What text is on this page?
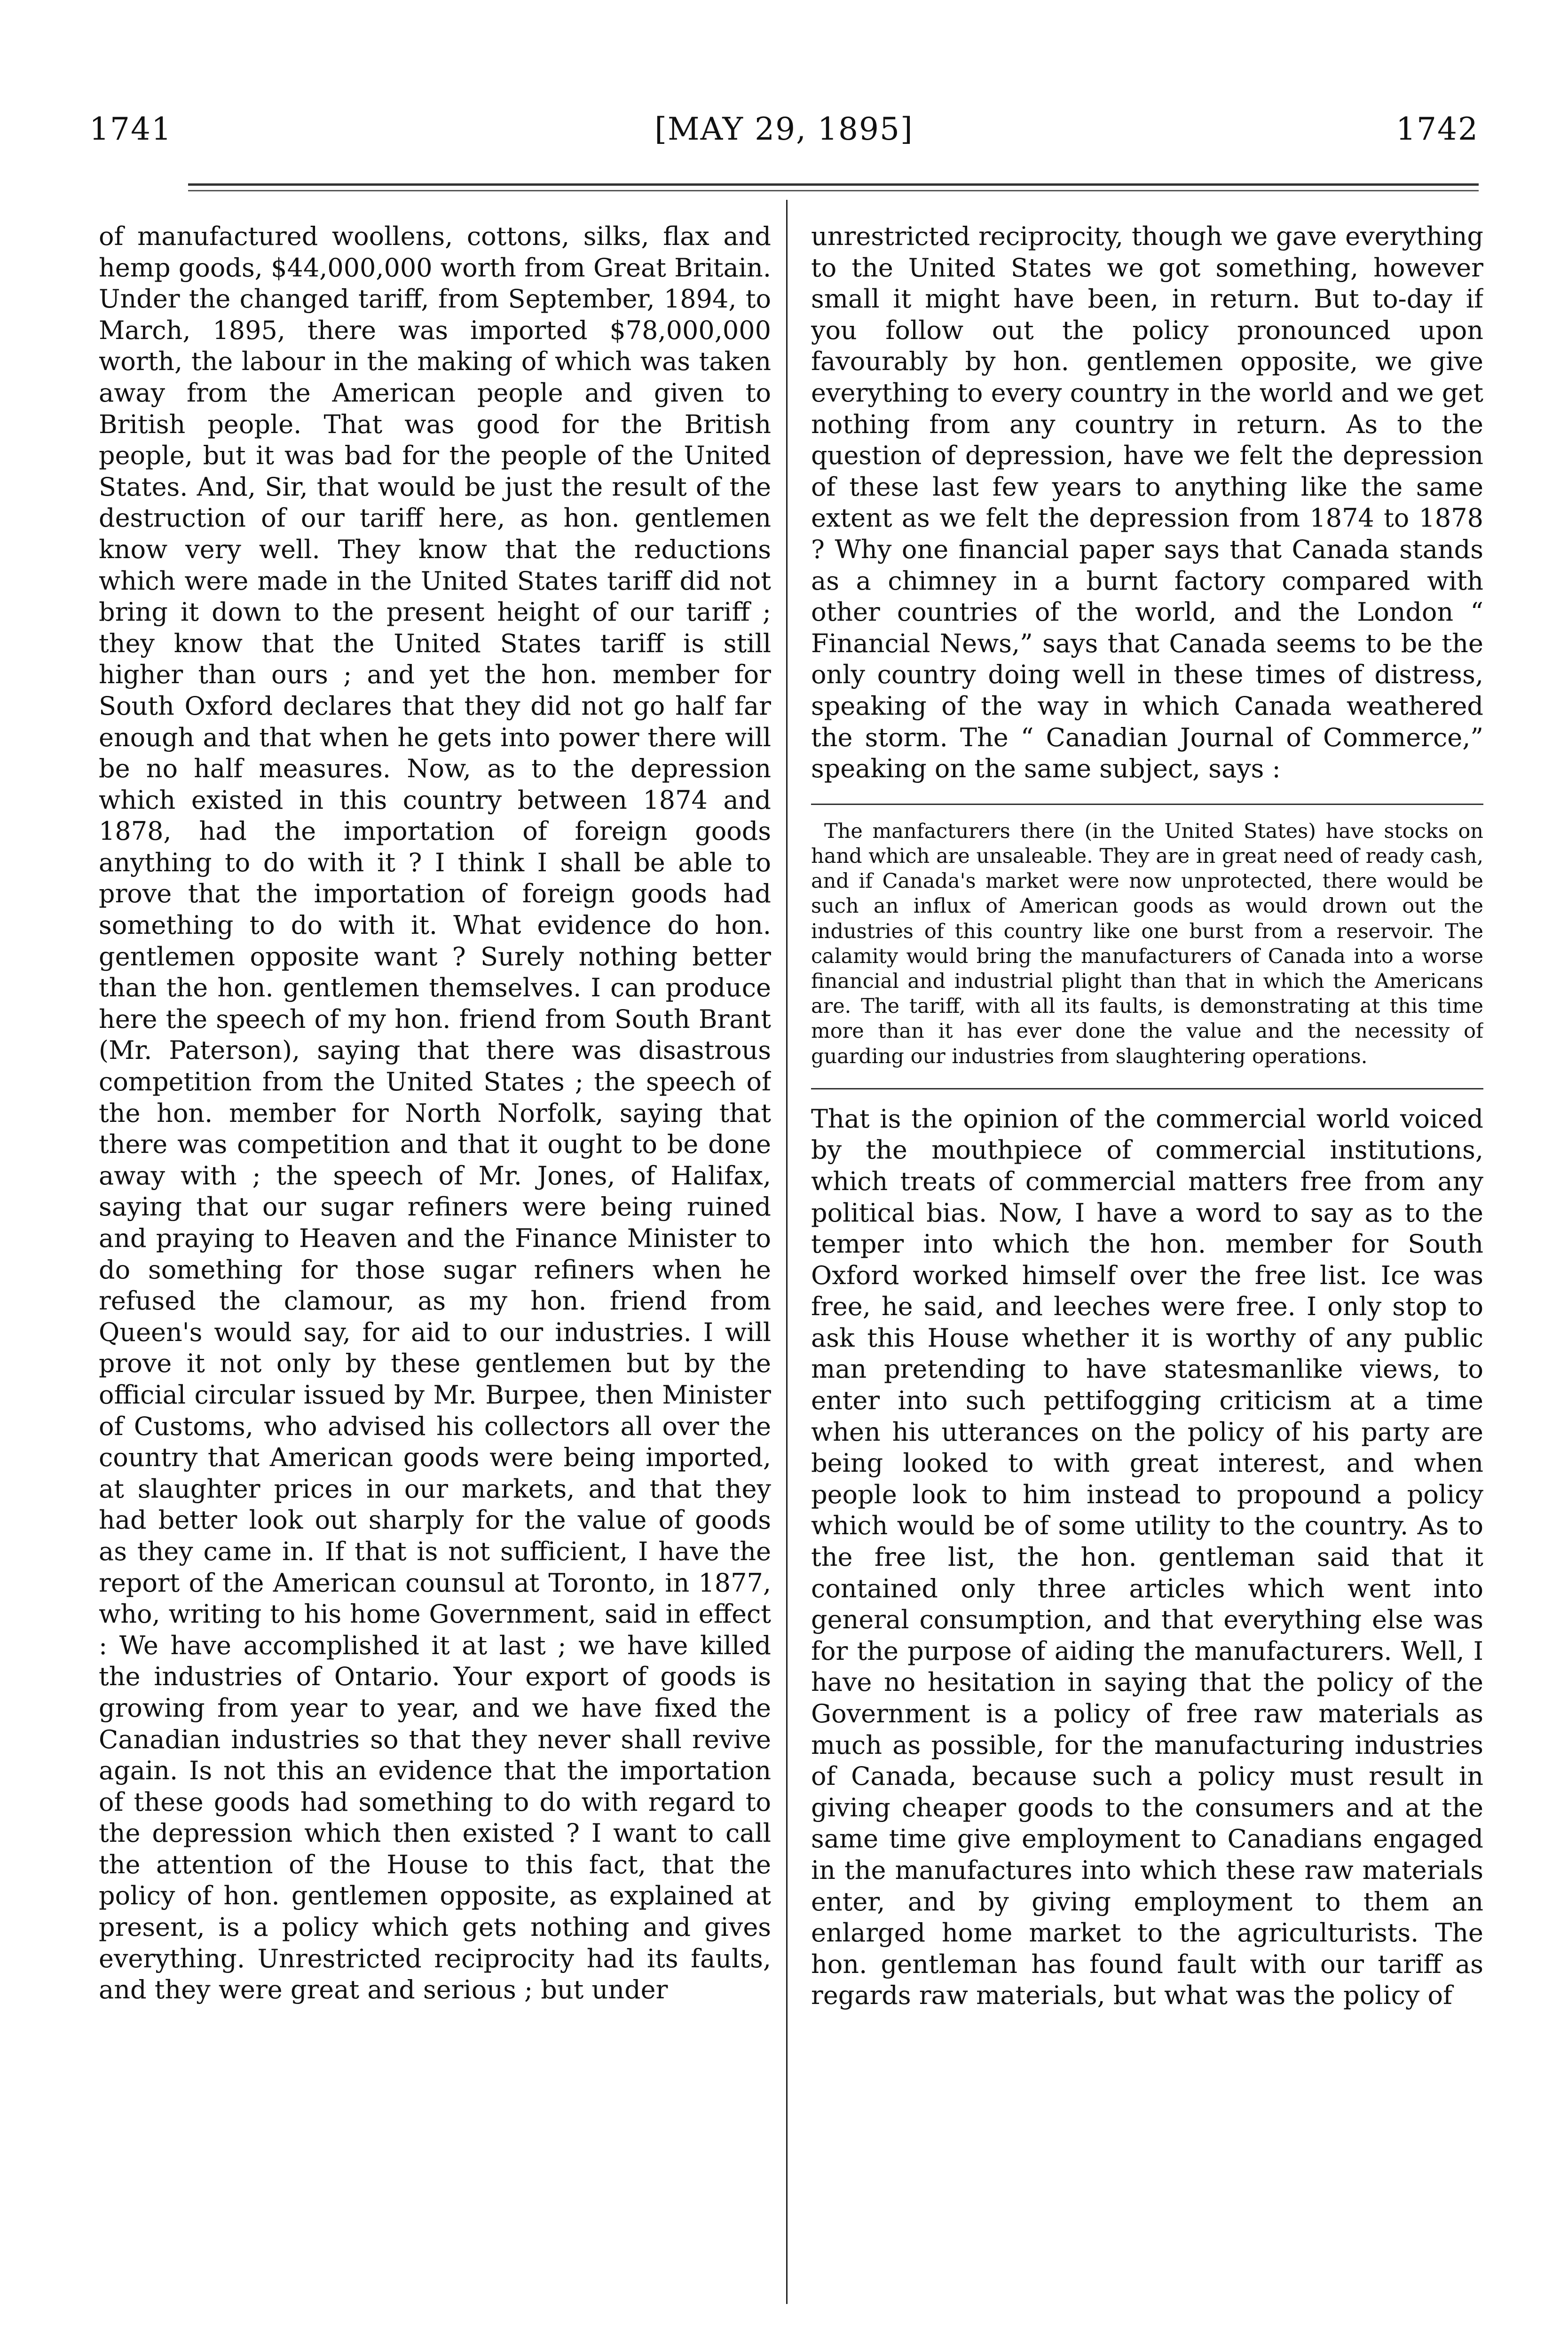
[MAY 29, 1895]
1741	1742

of manufactured woollens, cottons, silks, flax and hemp goods, $44,000,000 worth from Great Britain. Under the changed tariff, from September, 1894, to March, 1895, there was imported $78,000,000 worth, the labour in the making of which was taken away from the American people and given to British people. That was good for the British people, but it was bad for the people of the United States. And, Sir, that would be just the result of the destruction of our tariff here, as hon. gentlemen know very well. They know that the reductions which were made in the United States tariff did not bring it down to the present height of our tariff ; they know that the United States tariff is still higher than ours ; and yet the hon. member for South Oxford declares that they did not go half far enough and that when he gets into power there will be no half measures. Now, as to the depression which existed in this country between 1874 and 1878, had the importation of foreign goods anything to do with it ? I think I shall be able to prove that the importation of foreign goods had something to do with it. What evidence do hon. gentlemen opposite want ? Surely nothing better than the hon. gentlemen themselves. I can produce here the speech of my hon. friend from South Brant (Mr. Paterson), saying that there was disastrous competition from the United States ; the speech of the hon. member for North Norfolk, saying that there was competition and that it ought to be done away with ; the speech of Mr. Jones, of Halifax, saying that our sugar refiners were being ruined and praying to Heaven and the Finance Minister to do something for those sugar refiners when he refused the clamour, as my hon. friend from Queen's would say, for aid to our industries. I will prove it not only by these gentlemen but by the official circular issued by Mr. Burpee, then Minister of Customs, who advised his collectors all over the country that American goods were being imported, at slaughter prices in our markets, and that they had better look out sharply for the value of goods as they came in. If that is not sufficient, I have the report of the American counsul at Toronto, in 1877, who, writing to his home Government, said in effect : We have accomplished it at last ; we have killed the industries of Ontario. Your export of goods is growing from year to year, and we have fixed the Canadian industries so that they never shall revive again. Is not this an evidence that the importation of these goods had something to do with regard to the depression which then existed ? I want to call the attention of the House to this fact, that the policy of hon. gentlemen opposite, as explained at present, is a policy which gets nothing and gives everything. Unrestricted reciprocity had its faults, and they were great and serious ; but under

unrestricted reciprocity, though we gave everything to the United States we got something, however small it might have been, in return. But to-day if you follow out the policy pronounced upon favourably by hon. gentlemen opposite, we give everything to every country in the world and we get nothing from any country in return. As to the question of depression, have we felt the depression of these last few years to anything like the same extent as we felt the depression from 1874 to 1878 ? Why one financial paper says that Canada stands as a chimney in a burnt factory compared with other countries of the world, and the London “ Financial News,” says that Canada seems to be the only country doing well in these times of distress, speaking of the way in which Canada weathered the storm. The “ Canadian Journal of Commerce,” speaking on the same subject, says :

The manfacturers there (in the United States) have stocks on hand which are unsaleable. They are in great need of ready cash, and if Canada's market were now unprotected, there would be such an influx of American goods as would drown out the industries of this country like one burst from a reservoir. The calamity would bring the manufacturers of Canada into a worse financial and industrial plight than that in which the Americans are. The tariff, with all its faults, is demonstrating at this time more than it has ever done the value and the necessity of guarding our industries from slaughtering operations.

That is the opinion of the commercial world voiced by the mouthpiece of commercial institutions, which treats of commercial matters free from any political bias. Now, I have a word to say as to the temper into which the hon. member for South Oxford worked himself over the free list. Ice was free, he said, and leeches were free. I only stop to ask this House whether it is worthy of any public man pretending to have statesmanlike views, to enter into such pettifogging criticism at a time when his utterances on the policy of his party are being looked to with great interest, and when people look to him instead to propound a policy which would be of some utility to the country. As to the free list, the hon. gentleman said that it contained only three articles which went into general consumption, and that everything else was for the purpose of aiding the manufacturers. Well, I have no hesitation in saying that the policy of the Government is a policy of free raw materials as much as possible, for the manufacturing industries of Canada, because such a policy must result in giving cheaper goods to the consumers and at the same time give employment to Canadians engaged in the manufactures into which these raw materials enter, and by giving employment to them an enlarged home market to the agriculturists. The hon. gentleman has found fault with our tariff as regards raw materials, but what was the policy of
